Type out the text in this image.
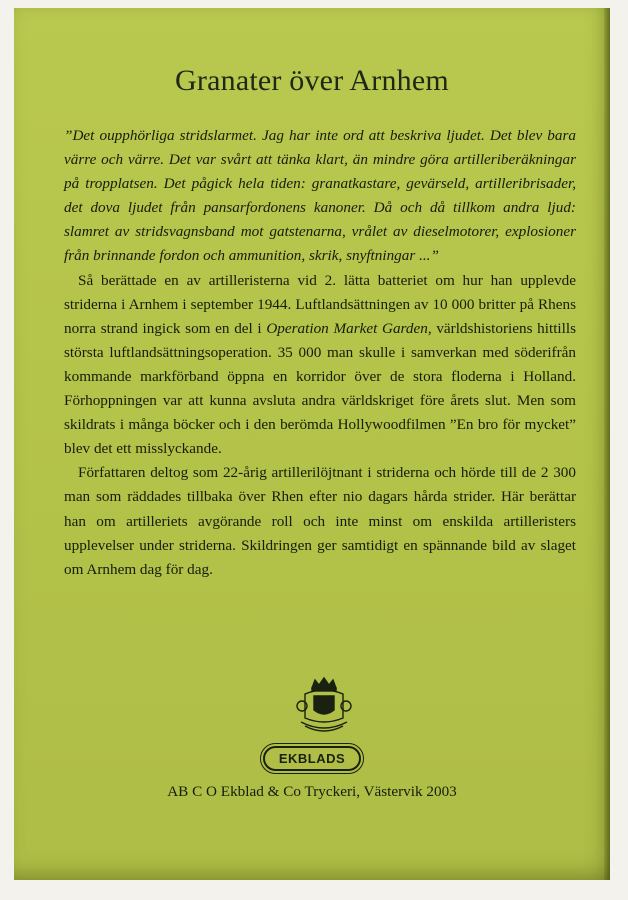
Granater över Arnhem

”Det oupphörliga stridslarmet. Jag har inte ord att beskriva ljudet. Det blev bara värre och värre. Det var svårt att tänka klart, än mindre göra artilleriberäkningar på tropplatsen. Det pågick hela tiden: granatkastare, gevärseld, artilleribrisader, det dova ljudet från pansarfordonens kanoner. Då och då tillkom andra ljud: slamret av stridsvagnsband mot gatstenarna, vrålet av dieselmotorer, explosioner från brinnande fordon och ammunition, skrik, snyftningar ...”

Så berättade en av artilleristerna vid 2. lätta batteriet om hur han upplevde striderna i Arnhem i september 1944. Luftlandsättningen av 10 000 britter på Rhens norra strand ingick som en del i Operation Market Garden, världshistoriens hittills största luftlandsättningsoperation. 35 000 man skulle i samverkan med söderifrån kommande markförband öppna en korridor över de stora floderna i Holland. Förhoppningen var att kunna avsluta andra världskriget före årets slut. Men som skildrats i många böcker och i den berömda Hollywoodfilmen ”En bro för mycket” blev det ett misslyckande.

Författaren deltog som 22-årig artillerilöjtnant i striderna och hörde till de 2 300 man som räddades tillbaka över Rhen efter nio dagars hårda strider. Här berättar han om artilleriets avgörande roll och inte minst om enskilda artilleristers upplevelser under striderna. Skildringen ger samtidigt en spännande bild av slaget om Arnhem dag för dag.

EKBLADS
AB C O Ekblad & Co Tryckeri, Västervik 2003
